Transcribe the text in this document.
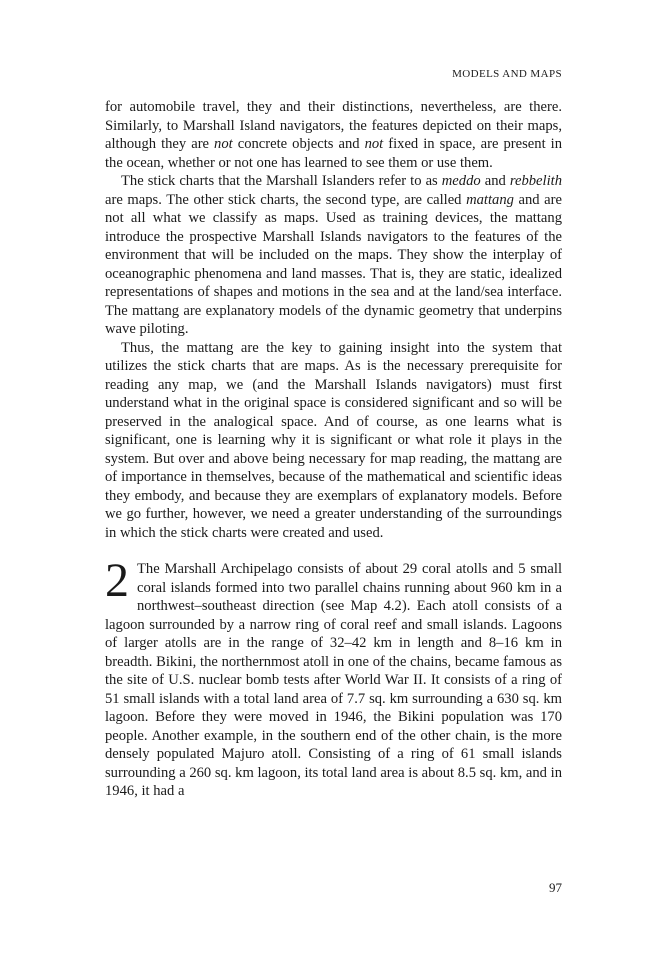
MODELS AND MAPS

for automobile travel, they and their distinctions, nevertheless, are there. Similarly, to Marshall Island navigators, the features depicted on their maps, although they are not concrete objects and not fixed in space, are present in the ocean, whether or not one has learned to see them or use them.

The stick charts that the Marshall Islanders refer to as meddo and rebbelith are maps. The other stick charts, the second type, are called mattang and are not all what we classify as maps. Used as training devices, the mattang introduce the prospective Marshall Islands navigators to the features of the environment that will be included on the maps. They show the interplay of oceanographic phenomena and land masses. That is, they are static, idealized representations of shapes and motions in the sea and at the land/sea interface. The mattang are explanatory models of the dynamic geometry that underpins wave piloting.

Thus, the mattang are the key to gaining insight into the system that utilizes the stick charts that are maps. As is the necessary prerequisite for reading any map, we (and the Marshall Islands navigators) must first understand what in the original space is considered significant and so will be preserved in the analogical space. And of course, as one learns what is significant, one is learning why it is significant or what role it plays in the system. But over and above being necessary for map reading, the mattang are of importance in themselves, because of the mathematical and scientific ideas they embody, and because they are exemplars of explanatory models. Before we go further, however, we need a greater understanding of the surroundings in which the stick charts were created and used.

2 The Marshall Archipelago consists of about 29 coral atolls and 5 small coral islands formed into two parallel chains running about 960 km in a northwest–southeast direction (see Map 4.2). Each atoll consists of a lagoon surrounded by a narrow ring of coral reef and small islands. Lagoons of larger atolls are in the range of 32–42 km in length and 8–16 km in breadth. Bikini, the northernmost atoll in one of the chains, became famous as the site of U.S. nuclear bomb tests after World War II. It consists of a ring of 51 small islands with a total land area of 7.7 sq. km surrounding a 630 sq. km lagoon. Before they were moved in 1946, the Bikini population was 170 people. Another example, in the southern end of the other chain, is the more densely populated Majuro atoll. Consisting of a ring of 61 small islands surrounding a 260 sq. km lagoon, its total land area is about 8.5 sq. km, and in 1946, it had a

97
